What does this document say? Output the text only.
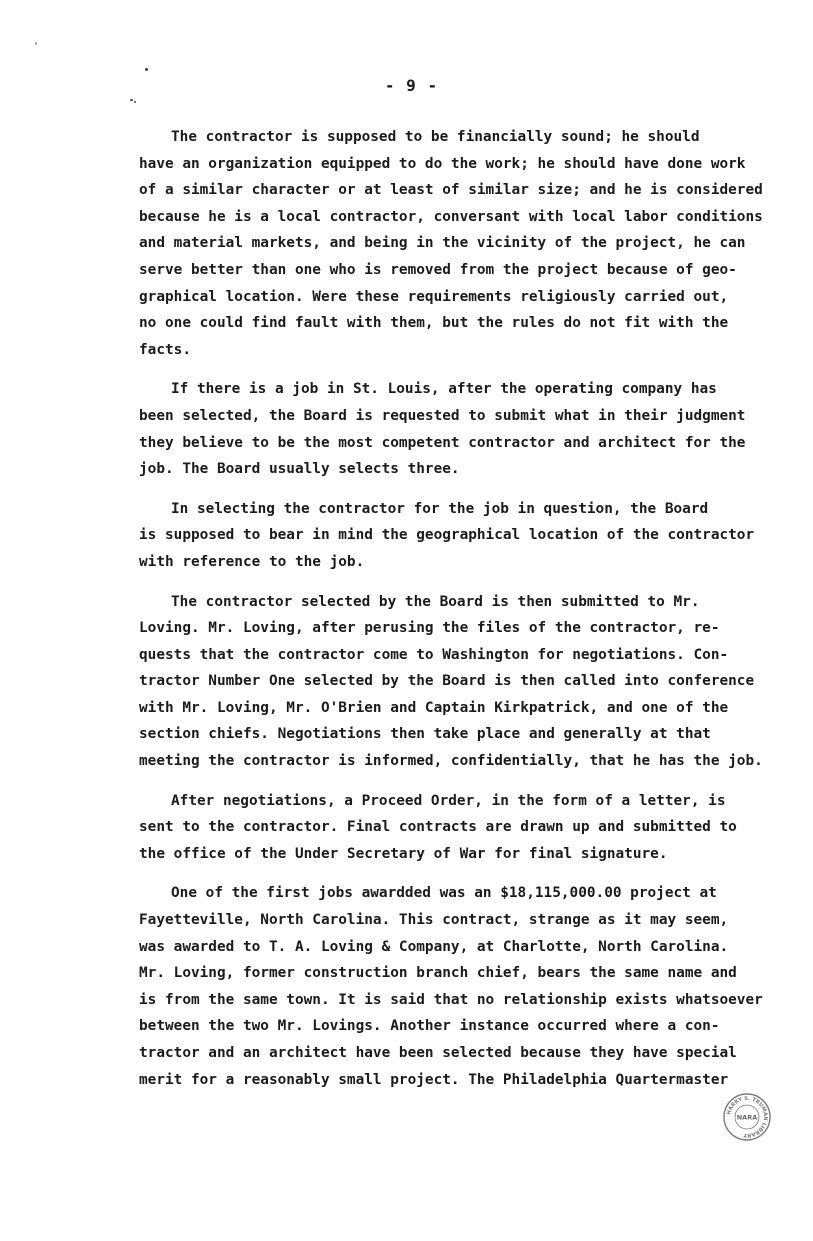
- 9 -

The contractor is supposed to be financially sound; he should
have an organization equipped to do the work; he should have done work
of a similar character or at least of similar size; and he is considered
because he is a local contractor, conversant with local labor conditions
and material markets, and being in the vicinity of the project, he can
serve better than one who is removed from the project because of geo-
graphical location. Were these requirements religiously carried out,
no one could find fault with them, but the rules do not fit with the
facts.

If there is a job in St. Louis, after the operating company has
been selected, the Board is requested to submit what in their judgment
they believe to be the most competent contractor and architect for the
job. The Board usually selects three.

In selecting the contractor for the job in question, the Board
is supposed to bear in mind the geographical location of the contractor
with reference to the job.

The contractor selected by the Board is then submitted to Mr.
Loving. Mr. Loving, after perusing the files of the contractor, re-
quests that the contractor come to Washington for negotiations. Con-
tractor Number One selected by the Board is then called into conference
with Mr. Loving, Mr. O'Brien and Captain Kirkpatrick, and one of the
section chiefs. Negotiations then take place and generally at that
meeting the contractor is informed, confidentially, that he has the job.

After negotiations, a Proceed Order, in the form of a letter, is
sent to the contractor. Final contracts are drawn up and submitted to
the office of the Under Secretary of War for final signature.

One of the first jobs awardded was an $18,115,000.00 project at
Fayetteville, North Carolina. This contract, strange as it may seem,
was awarded to T. A. Loving & Company, at Charlotte, North Carolina.
Mr. Loving, former construction branch chief, bears the same name and
is from the same town. It is said that no relationship exists whatsoever
between the two Mr. Lovings. Another instance occurred where a con-
tractor and an architect have been selected because they have special
merit for a reasonably small project. The Philadelphia Quartermaster

HARRY S. TRUMAN LIBRARY
NARA
